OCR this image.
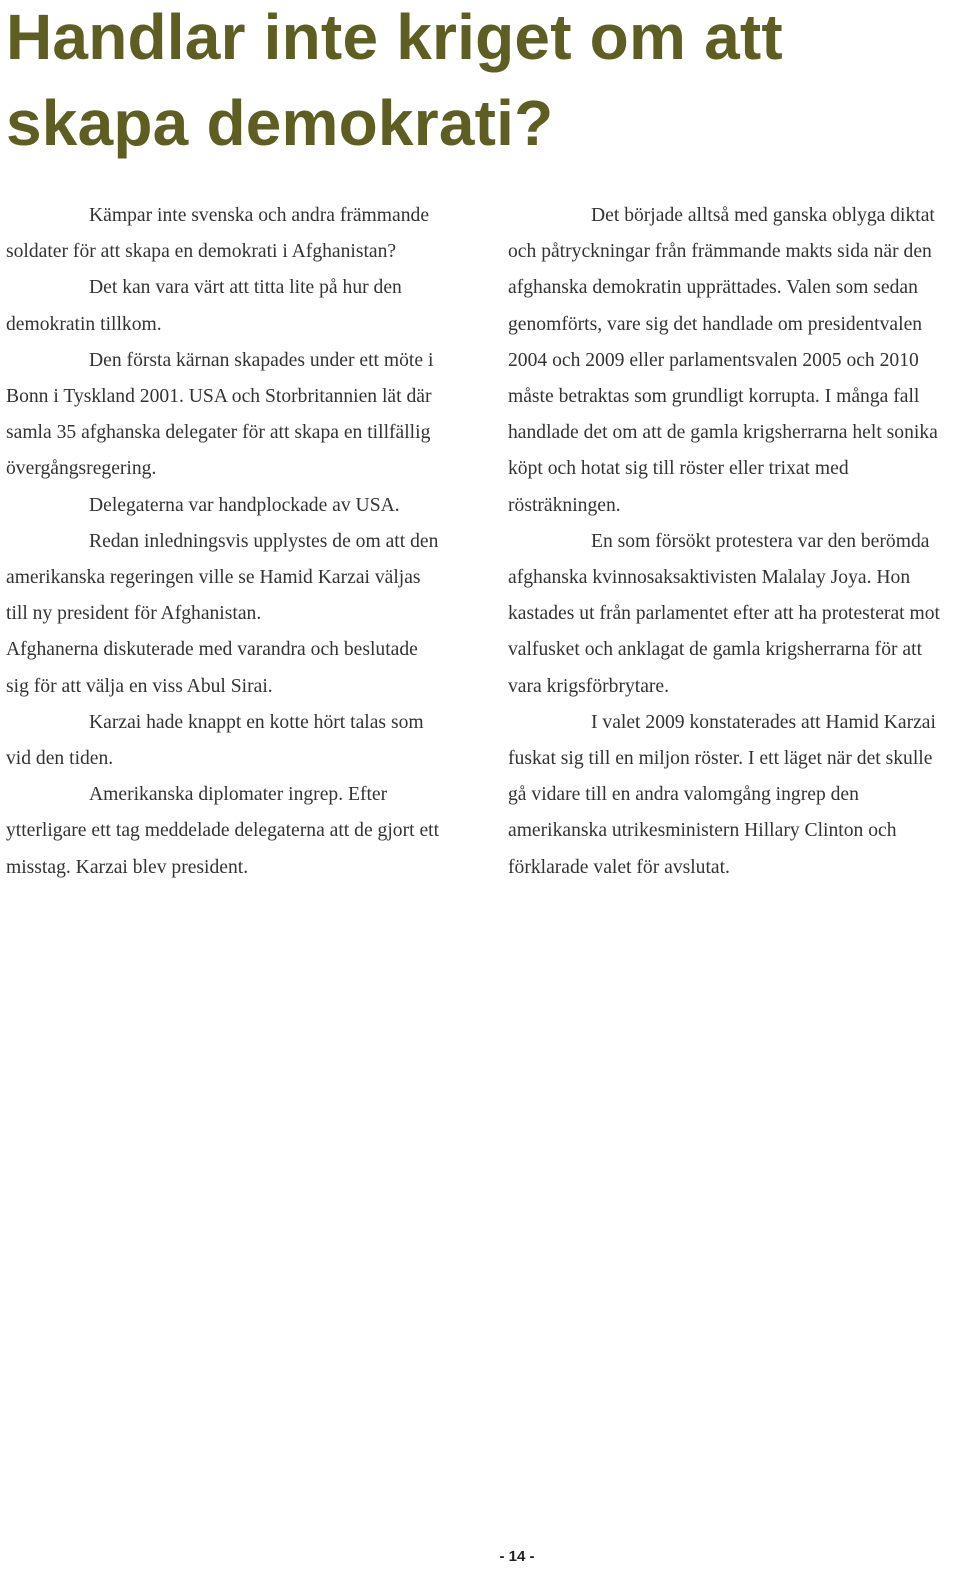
Handlar inte kriget om att skapa demokrati?

Kämpar inte svenska och andra främmande soldater för att skapa en demokrati i Afghanistan?

Det kan vara värt att titta lite på hur den demokratin tillkom.

Den första kärnan skapades under ett möte i Bonn i Tyskland 2001. USA och Storbritannien lät där samla 35 afghanska delegater för att skapa en tillfällig övergångsregering.

Delegaterna var handplockade av USA.

Redan inledningsvis upplystes de om att den amerikanska regeringen ville se Hamid Karzai väljas till ny president för Afghanistan.

Afghanerna diskuterade med varandra och beslutade sig för att välja en viss Abul Sirai.

Karzai hade knappt en kotte hört talas som vid den tiden.

Amerikanska diplomater ingrep. Efter ytterligare ett tag meddelade delegaterna att de gjort ett misstag. Karzai blev president.

Det började alltså med ganska oblyga diktat och påtryckningar från främmande makts sida när den afghanska demokratin upprättades. Valen som sedan genomförts, vare sig det handlade om presidentvalen 2004 och 2009 eller parlamentsvalen 2005 och 2010 måste betraktas som grundligt korrupta. I många fall handlade det om att de gamla krigsherrarna helt sonika köpt och hotat sig till röster eller trixat med rösträkningen.

En som försökt protestera var den berömda afghanska kvinnosaksaktivisten Malalay Joya. Hon kastades ut från parlamentet efter att ha protesterat mot valfusket och anklagat de gamla krigsherrarna för att vara krigsförbrytare.

I valet 2009 konstaterades att Hamid Karzai fuskat sig till en miljon röster. I ett läget när det skulle gå vidare till en andra valomgång ingrep den amerikanska utrikesministern Hillary Clinton och förklarade valet för avslutat.

- 14 -
